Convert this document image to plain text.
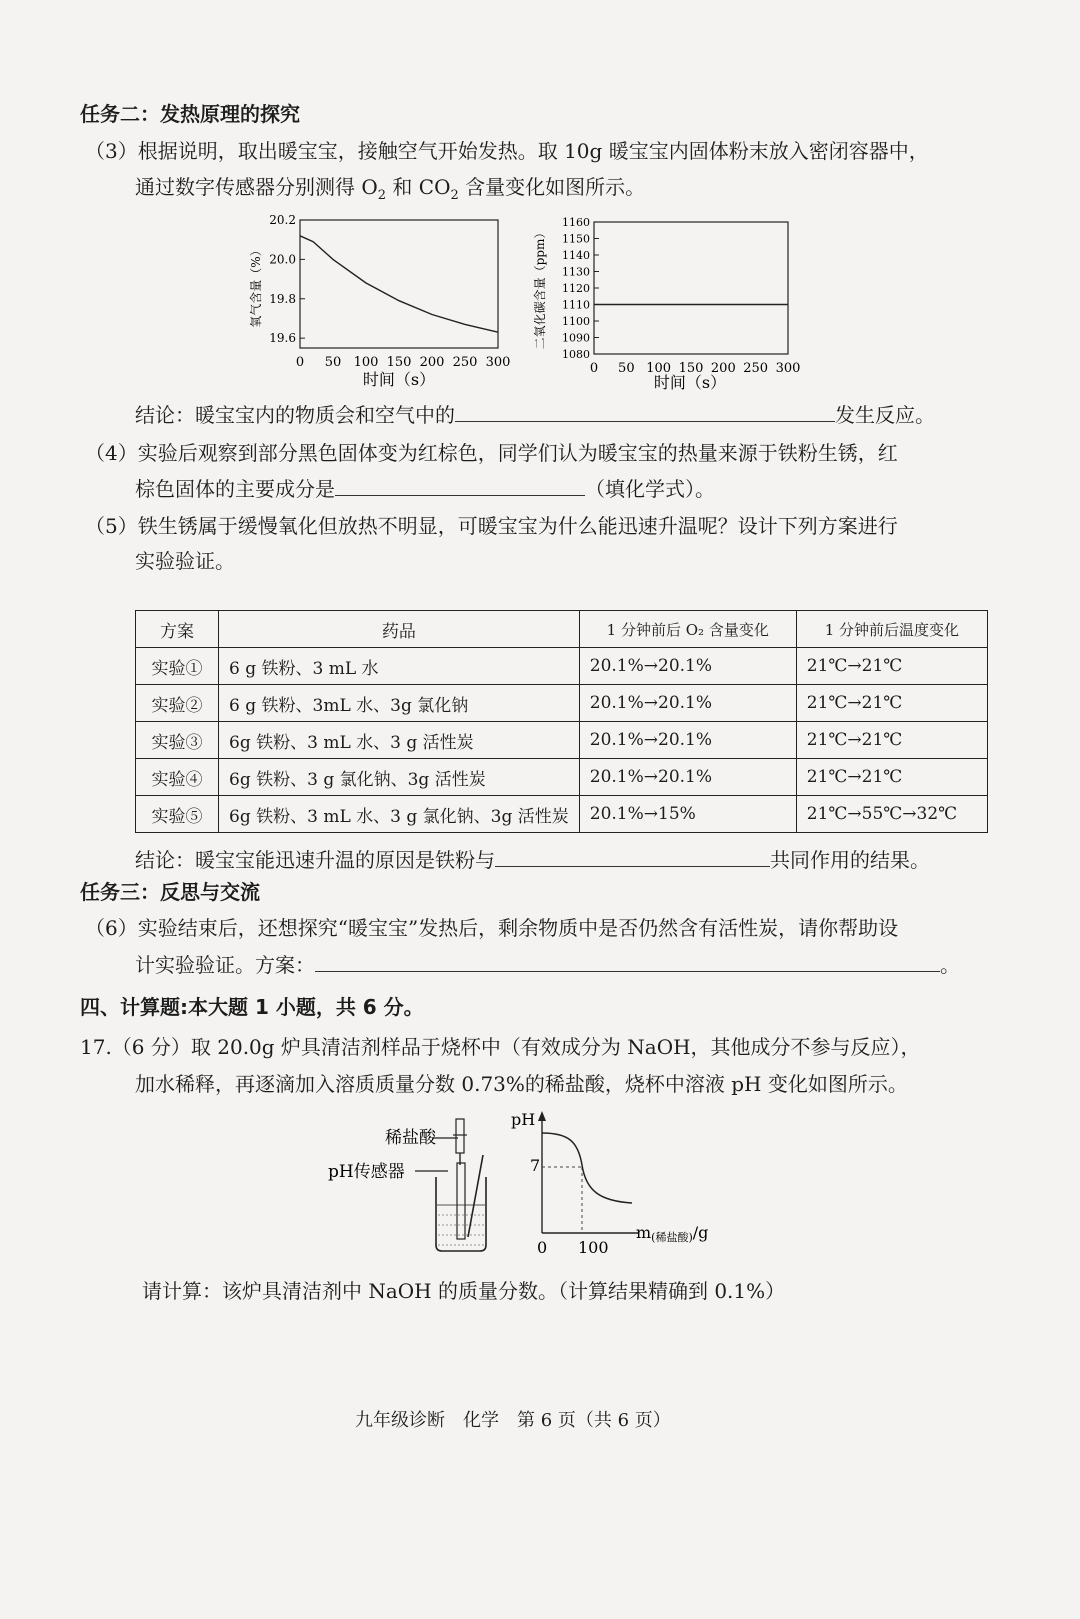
任务二：发热原理的探究
（3）根据说明，取出暖宝宝，接触空气开始发热。取 10g 暖宝宝内固体粉末放入密闭容器中，
通过数字传感器分别测得 $O_2$ 和 $CO_2$ 含量变化如图所示。
19.6
19.8
20.0
20.2
0 50 100 150 200 250 300
氧气含量（%）
时间（s）
1080
1090
1100
1110
1120
1130
1140
1150
1160
0 50 100 150 200 250 300
二氧化碳含量（ppm）
时间（s）
结论：暖宝宝内的物质会和空气中的	发生反应。
（4）实验后观察到部分黑色固体变为红棕色，同学们认为暖宝宝的热量来源于铁粉生锈，红
棕色固体的主要成分是	（填化学式）。
（5）铁生锈属于缓慢氧化但放热不明显，可暖宝宝为什么能迅速升温呢？设计下列方案进行
实验验证。
方案	药品	1 分钟前后 O₂ 含量变化	1 分钟前后温度变化
实验①	6 g 铁粉、3 mL 水	20.1%→20.1%	21℃→21℃
实验②	6 g 铁粉、3mL 水、3g 氯化钠	20.1%→20.1%	21℃→21℃
实验③	6g 铁粉、3 mL 水、3 g 活性炭	20.1%→20.1%	21℃→21℃
实验④	6g 铁粉、3 g 氯化钠、3g 活性炭	20.1%→20.1%	21℃→21℃
实验⑤	6g 铁粉、3 mL 水、3 g 氯化钠、3g 活性炭	20.1%→15%	21℃→55℃→32℃
结论：暖宝宝能迅速升温的原因是铁粉与	共同作用的结果。
任务三：反思与交流
（6）实验结束后，还想探究“暖宝宝”发热后，剩余物质中是否仍然含有活性炭，请你帮助设
计实验验证。方案：	。
四、计算题:本大题 1 小题，共 6 分。
17.（6 分）取 20.0g 炉具清洁剂样品于烧杯中（有效成分为 NaOH，其他成分不参与反应），
加水稀释，再逐滴加入溶质质量分数 0.73%的稀盐酸，烧杯中溶液 pH 变化如图所示。
稀盐酸
pH传感器
pH
7
0 100
m(稀盐酸)/g
请计算：该炉具清洁剂中 NaOH 的质量分数。（计算结果精确到 0.1%）
九年级诊断　化学　第 6 页（共 6 页）
